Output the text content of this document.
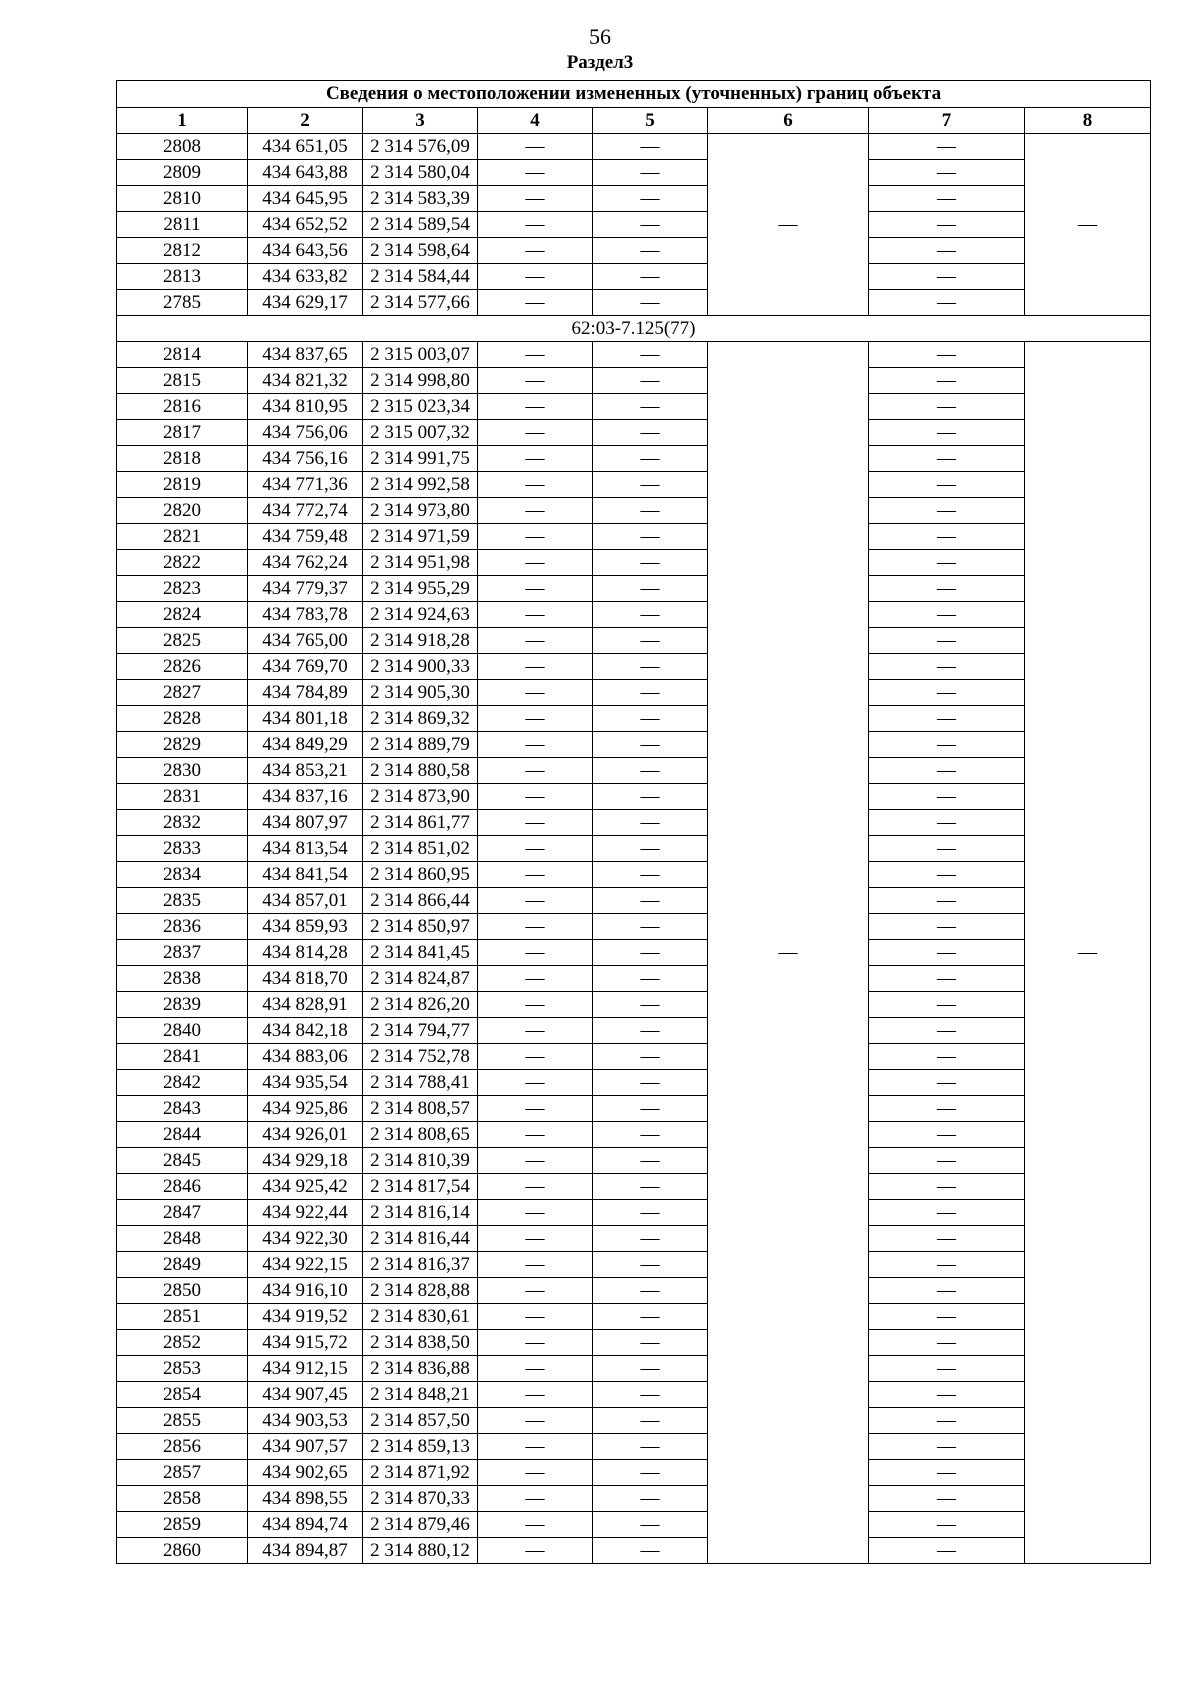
56
Раздел3
Сведения о местоположении измененных (уточненных) границ объекта							
1	2	3	4	5	6	7	8
2808	434 651,05	2 314 576,09	—	—	—	—	—
2809	434 643,88	2 314 580,04	—	—		—	
2810	434 645,95	2 314 583,39	—	—		—	
2811	434 652,52	2 314 589,54	—	—		—	
2812	434 643,56	2 314 598,64	—	—		—	
2813	434 633,82	2 314 584,44	—	—		—	
2785	434 629,17	2 314 577,66	—	—		—	
62:03-7.125(77)							
2814	434 837,65	2 315 003,07	—	—	—	—	—
2815	434 821,32	2 314 998,80	—	—		—	
2816	434 810,95	2 315 023,34	—	—		—	
2817	434 756,06	2 315 007,32	—	—		—	
2818	434 756,16	2 314 991,75	—	—		—	
2819	434 771,36	2 314 992,58	—	—		—	
2820	434 772,74	2 314 973,80	—	—		—	
2821	434 759,48	2 314 971,59	—	—		—	
2822	434 762,24	2 314 951,98	—	—		—	
2823	434 779,37	2 314 955,29	—	—		—	
2824	434 783,78	2 314 924,63	—	—		—	
2825	434 765,00	2 314 918,28	—	—		—	
2826	434 769,70	2 314 900,33	—	—		—	
2827	434 784,89	2 314 905,30	—	—		—	
2828	434 801,18	2 314 869,32	—	—		—	
2829	434 849,29	2 314 889,79	—	—		—	
2830	434 853,21	2 314 880,58	—	—		—	
2831	434 837,16	2 314 873,90	—	—		—	
2832	434 807,97	2 314 861,77	—	—		—	
2833	434 813,54	2 314 851,02	—	—		—	
2834	434 841,54	2 314 860,95	—	—		—	
2835	434 857,01	2 314 866,44	—	—		—	
2836	434 859,93	2 314 850,97	—	—		—	
2837	434 814,28	2 314 841,45	—	—		—	
2838	434 818,70	2 314 824,87	—	—		—	
2839	434 828,91	2 314 826,20	—	—		—	
2840	434 842,18	2 314 794,77	—	—		—	
2841	434 883,06	2 314 752,78	—	—		—	
2842	434 935,54	2 314 788,41	—	—		—	
2843	434 925,86	2 314 808,57	—	—		—	
2844	434 926,01	2 314 808,65	—	—		—	
2845	434 929,18	2 314 810,39	—	—		—	
2846	434 925,42	2 314 817,54	—	—		—	
2847	434 922,44	2 314 816,14	—	—		—	
2848	434 922,30	2 314 816,44	—	—		—	
2849	434 922,15	2 314 816,37	—	—		—	
2850	434 916,10	2 314 828,88	—	—		—	
2851	434 919,52	2 314 830,61	—	—		—	
2852	434 915,72	2 314 838,50	—	—		—	
2853	434 912,15	2 314 836,88	—	—		—	
2854	434 907,45	2 314 848,21	—	—		—	
2855	434 903,53	2 314 857,50	—	—		—	
2856	434 907,57	2 314 859,13	—	—		—	
2857	434 902,65	2 314 871,92	—	—		—	
2858	434 898,55	2 314 870,33	—	—		—	
2859	434 894,74	2 314 879,46	—	—		—	
2860	434 894,87	2 314 880,12	—	—		—	
